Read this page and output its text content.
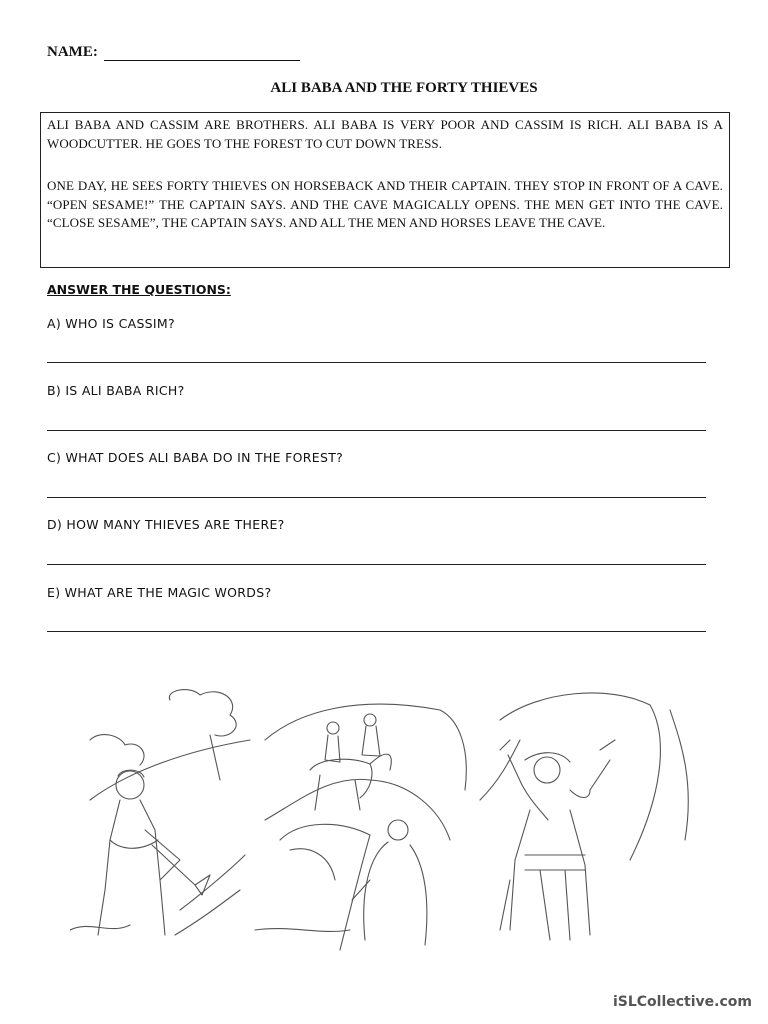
NAME:
ALI BABA AND THE FORTY THIEVES

ALI BABA AND CASSIM ARE BROTHERS. ALI BABA IS VERY POOR AND CASSIM IS RICH. ALI BABA IS A WOODCUTTER. HE GOES TO THE FOREST TO CUT DOWN TRESS.

ONE DAY, HE SEES FORTY THIEVES ON HORSEBACK AND THEIR CAPTAIN. THEY STOP IN FRONT OF A CAVE. “OPEN SESAME!” THE CAPTAIN SAYS. AND THE CAVE MAGICALLY OPENS. THE MEN GET INTO THE CAVE. “CLOSE SESAME”, THE CAPTAIN SAYS. AND ALL THE MEN AND HORSES LEAVE THE CAVE.

ANSWER THE QUESTIONS:
A) WHO IS CASSIM?
B) IS ALI BABA RICH?
C) WHAT DOES ALI BABA DO IN THE FOREST?
D) HOW MANY THIEVES ARE THERE?
E) WHAT ARE THE MAGIC WORDS?
iSLCollective.com
